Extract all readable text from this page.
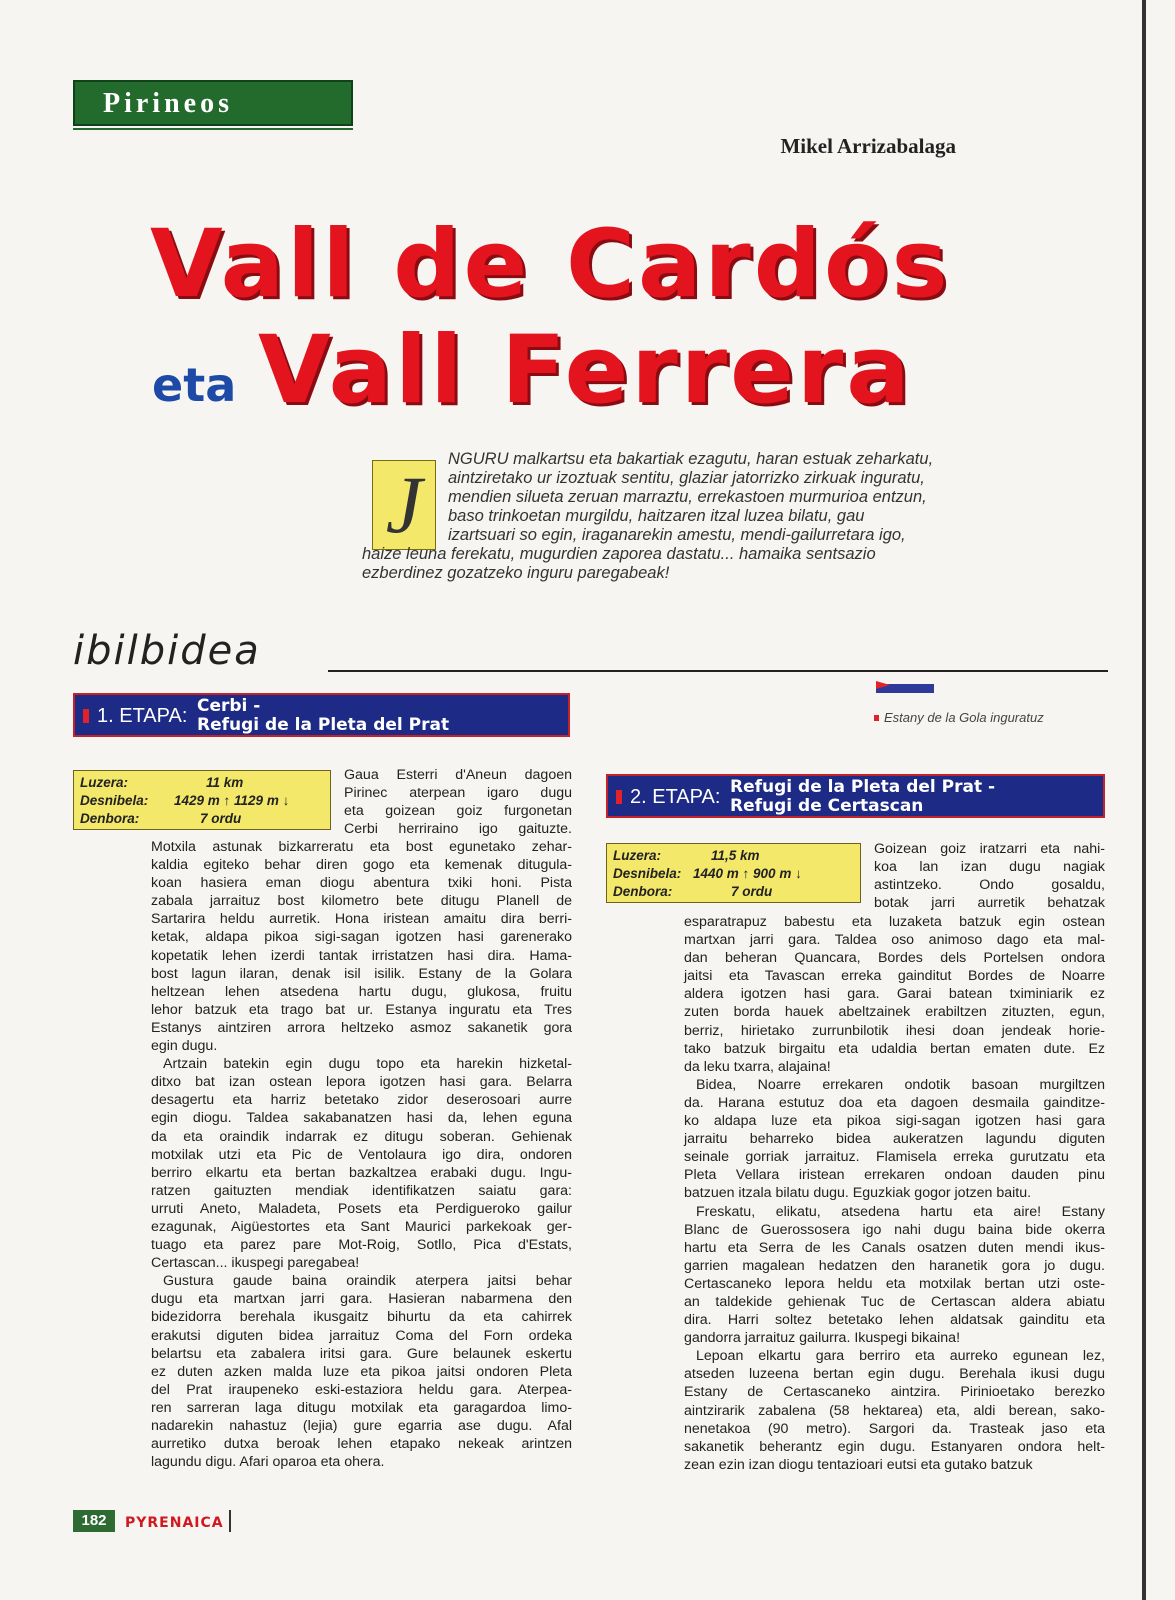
Pirineos
Mikel Arrizabalaga
Vall de Cardós
eta Vall Ferrera
J	NGURU malkartsu eta bakartiak ezagutu, haran estuak zeharkatu,
aintziretako ur izoztuak sentitu, glaziar jatorrizko zirkuak inguratu,
mendien silueta zeruan marraztu, errekastoen murmurioa entzun,
baso trinkoetan murgildu, haitzaren itzal luzea bilatu, gau
izartsuari so egin, iraganarekin amestu, mendi-gailurretara igo,
haize leuna ferekatu, mugurdien zaporea dastatu... hamaika sentsazio
ezberdinez gozatzeko inguru paregabeak!
ibilbidea
Estany de la Gola inguratuz
1. ETAPA: Cerbi -
Refugi de la Pleta del Prat
Luzera:	11 km
Desnibela: 1429 m ↑ 1129 m ↓
Denbora:	7 ordu
Gaua Esterri d'Aneun dagoen
Pirinec aterpean igaro dugu
eta goizean goiz furgonetan
Cerbi herriraino igo gaituzte.
Motxila astunak bizkarreratu eta bost egunetako zehar-
kaldia egiteko behar diren gogo eta kemenak ditugula-
koan hasiera eman diogu abentura txiki honi. Pista
zabala jarraituz bost kilometro bete ditugu Planell de
Sartarira heldu aurretik. Hona iristean amaitu dira berri-
ketak, aldapa pikoa sigi-sagan igotzen hasi garenerako
kopetatik lehen izerdi tantak irristatzen hasi dira. Hama-
bost lagun ilaran, denak isil isilik. Estany de la Golara
heltzean lehen atsedena hartu dugu, glukosa, fruitu
lehor batzuk eta trago bat ur. Estanya inguratu eta Tres
Estanys aintziren arrora heltzeko asmoz sakanetik gora
egin dugu.
Artzain batekin egin dugu topo eta harekin hizketal-
ditxo bat izan ostean lepora igotzen hasi gara. Belarra
desagertu eta harriz betetako zidor deserosoari aurre
egin diogu. Taldea sakabanatzen hasi da, lehen eguna
da eta oraindik indarrak ez ditugu soberan. Gehienak
motxilak utzi eta Pic de Ventolaura igo dira, ondoren
berriro elkartu eta bertan bazkaltzea erabaki dugu. Ingu-
ratzen gaituzten mendiak identifikatzen saiatu gara:
urruti Aneto, Maladeta, Posets eta Perdigueroko gailur
ezagunak, Aigüestortes eta Sant Maurici parkekoak ger-
tuago eta parez pare Mot-Roig, Sotllo, Pica d'Estats,
Certascan... ikuspegi paregabea!
Gustura gaude baina oraindik aterpera jaitsi behar
dugu eta martxan jarri gara. Hasieran nabarmena den
bidezidorra berehala ikusgaitz bihurtu da eta cahirrek
erakutsi diguten bidea jarraituz Coma del Forn ordeka
belartsu eta zabalera iritsi gara. Gure belaunek eskertu
ez duten azken malda luze eta pikoa jaitsi ondoren Pleta
del Prat iraupeneko eski-estaziora heldu gara. Aterpea-
ren sarreran laga ditugu motxilak eta garagardoa limo-
nadarekin nahastuz (lejia) gure egarria ase dugu. Afal
aurretiko dutxa beroak lehen etapako nekeak arintzen
lagundu digu. Afari oparoa eta ohera.
2. ETAPA: Refugi de la Pleta del Prat -
Refugi de Certascan
Luzera:	11,5 km
Desnibela: 1440 m ↑ 900 m ↓
Denbora:	7 ordu
Goizean goiz iratzarri eta nahi-
koa lan izan dugu nagiak
astintzeko. Ondo gosaldu,
botak jarri aurretik behatzak
esparatrapuz babestu eta luzaketa batzuk egin ostean
martxan jarri gara. Taldea oso animoso dago eta mal-
dan beheran Quancara, Bordes dels Portelsen ondora
jaitsi eta Tavascan erreka gainditut Bordes de Noarre
aldera igotzen hasi gara. Garai batean tximiniarik ez
zuten borda hauek abeltzainek erabiltzen zituzten, egun,
berriz, hirietako zurrunbilotik ihesi doan jendeak horie-
tako batzuk birgaitu eta udaldia bertan ematen dute. Ez
da leku txarra, alajaina!
Bidea, Noarre errekaren ondotik basoan murgiltzen
da. Harana estutuz doa eta dagoen desmaila gainditze-
ko aldapa luze eta pikoa sigi-sagan igotzen hasi gara
jarraitu beharreko bidea aukeratzen lagundu diguten
seinale gorriak jarraituz. Flamisela erreka gurutzatu eta
Pleta Vellara iristean errekaren ondoan dauden pinu
batzuen itzala bilatu dugu. Eguzkiak gogor jotzen baitu.
Freskatu, elikatu, atsedena hartu eta aire! Estany
Blanc de Guerossosera igo nahi dugu baina bide okerra
hartu eta Serra de les Canals osatzen duten mendi ikus-
garrien magalean hedatzen den haranetik gora jo dugu.
Certascaneko lepora heldu eta motxilak bertan utzi oste-
an taldekide gehienak Tuc de Certascan aldera abiatu
dira. Harri soltez betetako lehen aldatsak gainditu eta
gandorra jarraituz gailurra. Ikuspegi bikaina!
Lepoan elkartu gara berriro eta aurreko egunean lez,
atseden luzeena bertan egin dugu. Berehala ikusi dugu
Estany de Certascaneko aintzira. Pirinioetako berezko
aintzirarik zabalena (58 hektarea) eta, aldi berean, sako-
nenetakoa (90 metro). Sargori da. Trasteak jaso eta
sakanetik beherantz egin dugu. Estanyaren ondora helt-
zean ezin izan diogu tentazioari eutsi eta gutako batzuk
182	PYRENAICA
